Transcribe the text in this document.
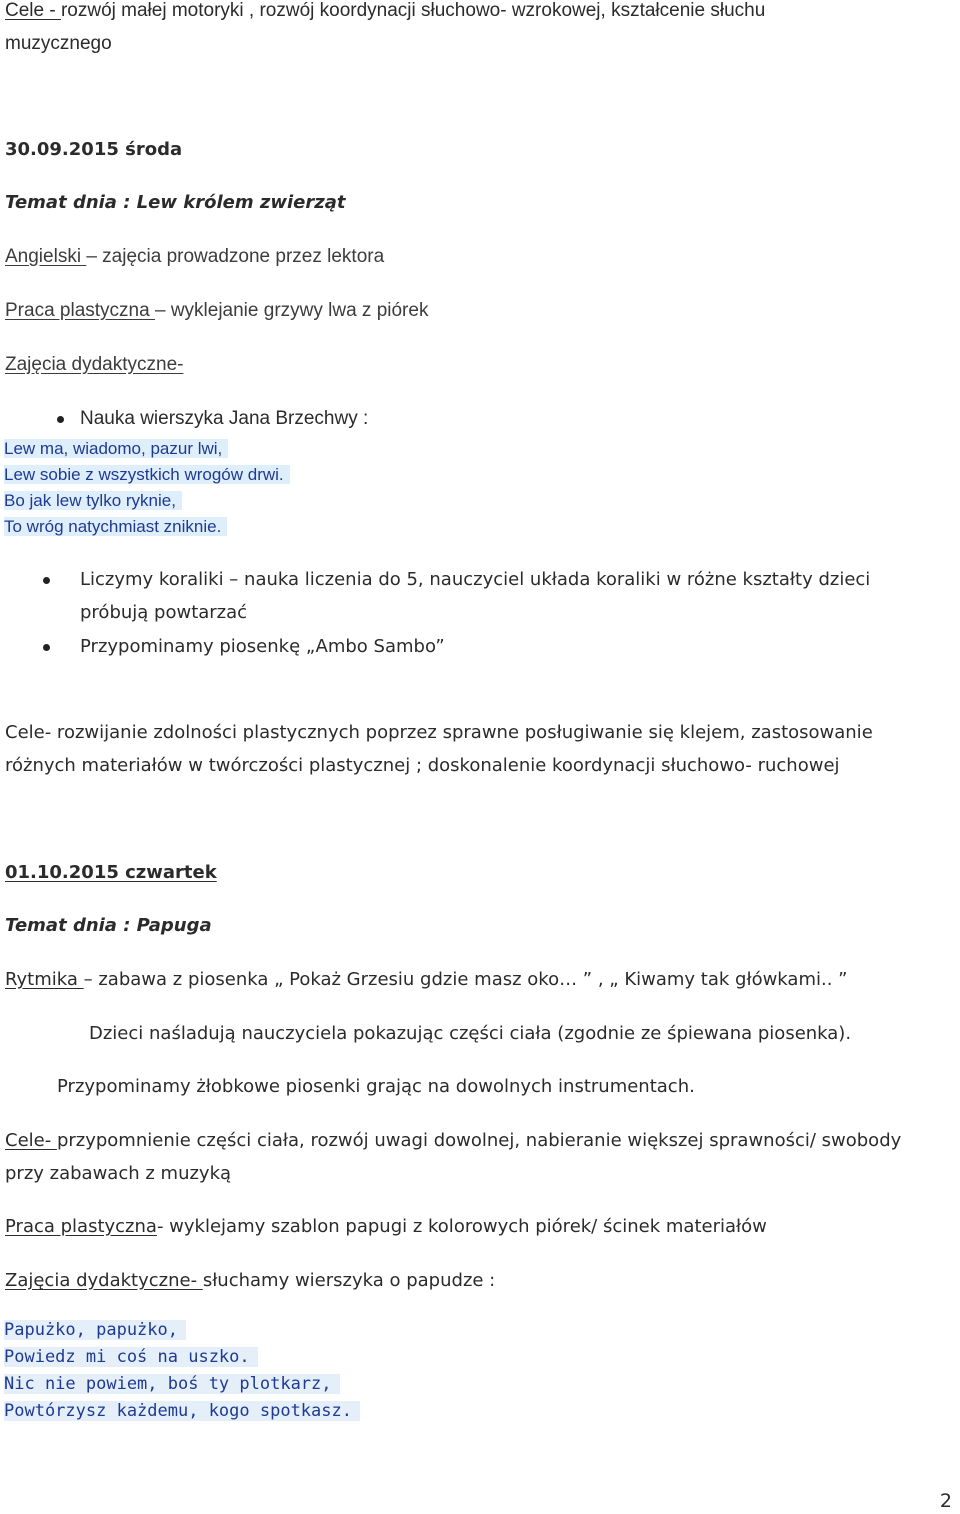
Cele - rozwój małej motoryki , rozwój koordynacji słuchowo- wzrokowej, kształcenie słuchu
muzycznego
30.09.2015 środa
Temat dnia : Lew królem zwierząt
Angielski – zajęcia prowadzone przez lektora
Praca plastyczna – wyklejanie grzywy lwa z piórek
Zajęcia dydaktyczne-
Nauka wierszyka Jana Brzechwy :
Lew ma, wiadomo, pazur lwi,
Lew sobie z wszystkich wrogów drwi.
Bo jak lew tylko ryknie,
To wróg natychmiast zniknie.
Liczymy koraliki – nauka liczenia do 5, nauczyciel układa koraliki w różne kształty dzieci
próbują powtarzać
Przypominamy piosenkę „Ambo Sambo”
Cele- rozwijanie zdolności plastycznych poprzez sprawne posługiwanie się klejem, zastosowanie
różnych materiałów w twórczości plastycznej ; doskonalenie koordynacji słuchowo- ruchowej
01.10.2015 czwartek
Temat dnia : Papuga
Rytmika – zabawa z piosenka „ Pokaż Grzesiu gdzie masz oko… ” , „ Kiwamy tak główkami.. ”
Dzieci naśladują nauczyciela pokazując części ciała (zgodnie ze śpiewana piosenka).
Przypominamy żłobkowe piosenki grając na dowolnych instrumentach.
Cele- przypomnienie części ciała, rozwój uwagi dowolnej, nabieranie większej sprawności/ swobody
przy zabawach z muzyką
Praca plastyczna- wyklejamy szablon papugi z kolorowych piórek/ ścinek materiałów
Zajęcia dydaktyczne- słuchamy wierszyka o papudze :
Papużko, papużko,
Powiedz mi coś na uszko.
Nic nie powiem, boś ty plotkarz,
Powtórzysz każdemu, kogo spotkasz.
2
